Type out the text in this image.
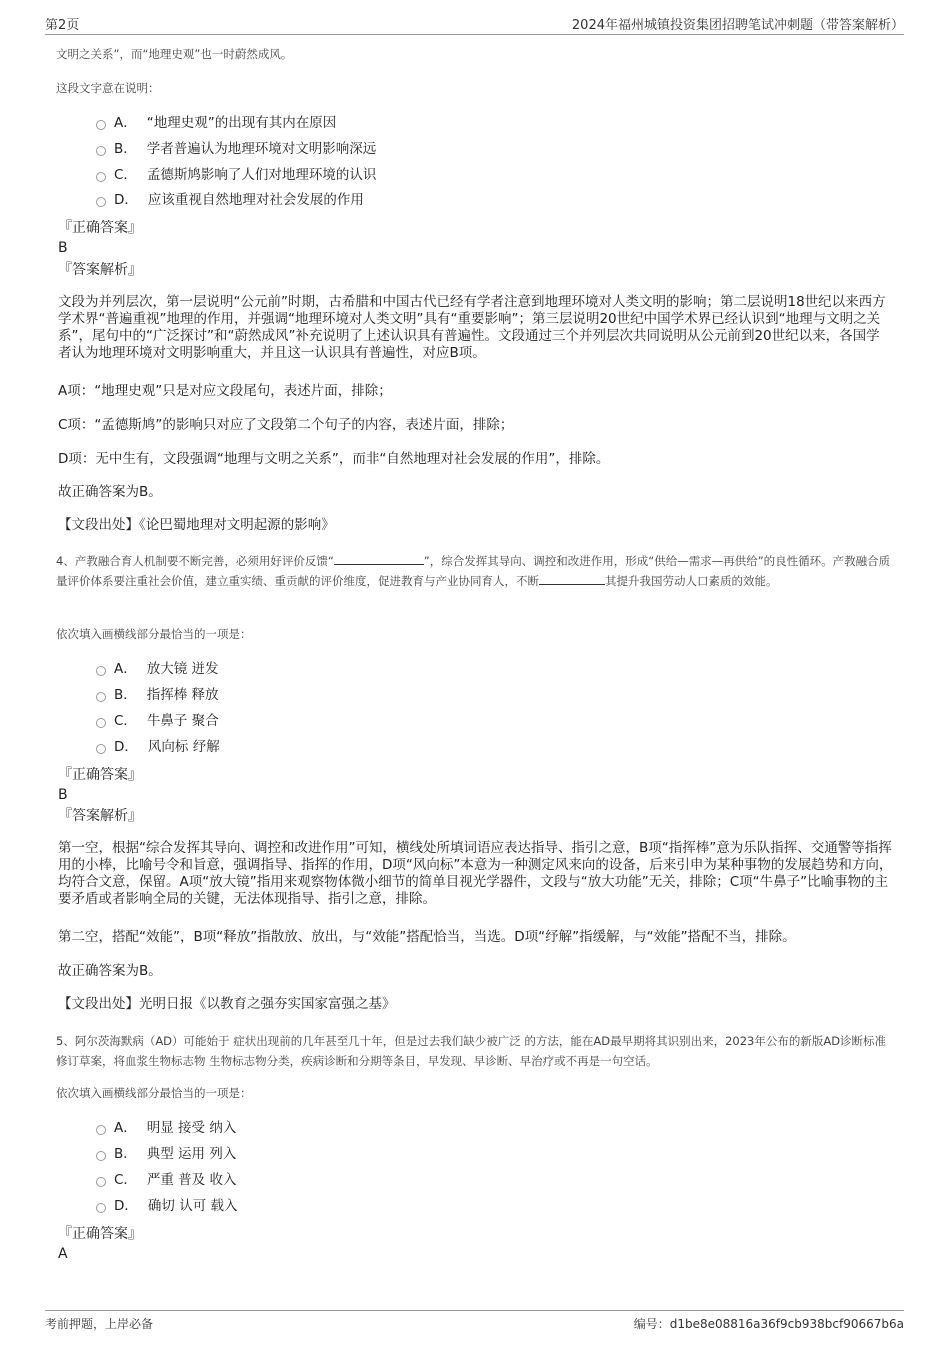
第2页	2024年福州城镇投资集团招聘笔试冲刺题（带答案解析）
文明之关系”，而“地理史观”也一时蔚然成风。
这段文字意在说明：
A． “地理史观”的出现有其内在原因
B． 学者普遍认为地理环境对文明影响深远
C． 孟德斯鸠影响了人们对地理环境的认识
D． 应该重视自然地理对社会发展的作用
『正确答案』
B
『答案解析』
文段为并列层次，第一层说明“公元前”时期，古希腊和中国古代已经有学者注意到地理环境对人类文明的影响；第二层说明18世纪以来西方学术界“普遍重视”地理的作用，并强调“地理环境对人类文明”具有“重要影响”；第三层说明20世纪中国学术界已经认识到“地理与文明之关系”，尾句中的“广泛探讨”和“蔚然成风”补充说明了上述认识具有普遍性。文段通过三个并列层次共同说明从公元前到20世纪以来，各国学者认为地理环境对文明影响重大，并且这一认识具有普遍性，对应B项。
A项：“地理史观”只是对应文段尾句，表述片面，排除；
C项：“孟德斯鸠”的影响只对应了文段第二个句子的内容，表述片面，排除；
D项：无中生有，文段强调“地理与文明之关系”，而非“自然地理对社会发展的作用”，排除。
故正确答案为B。
【文段出处】《论巴蜀地理对文明起源的影响》
4、产教融合育人机制要不断完善，必须用好评价反馈“	”，综合发挥其导向、调控和改进作用，形成“供给—需求—再供给”的良性循环。产教融合质量评价体系要注重社会价值，建立重实绩、重贡献的评价维度，促进教育与产业协同育人，不断	其提升我国劳动人口素质的效能。
依次填入画横线部分最恰当的一项是：
A． 放大镜 迸发
B． 指挥棒 释放
C． 牛鼻子 聚合
D． 风向标 纾解
『正确答案』
B
『答案解析』
第一空，根据“综合发挥其导向、调控和改进作用”可知，横线处所填词语应表达指导、指引之意，B项“指挥棒”意为乐队指挥、交通警等指挥用的小棒，比喻号令和旨意，强调指导、指挥的作用，D项“风向标”本意为一种测定风来向的设备，后来引申为某种事物的发展趋势和方向，均符合文意，保留。A项“放大镜”指用来观察物体微小细节的简单目视光学器件，文段与“放大功能”无关，排除；C项“牛鼻子”比喻事物的主要矛盾或者影响全局的关键，无法体现指导、指引之意，排除。
第二空，搭配“效能”，B项“释放”指散放、放出，与“效能”搭配恰当，当选。D项“纾解”指缓解，与“效能”搭配不当，排除。
故正确答案为B。
【文段出处】光明日报《以教育之强夯实国家富强之基》
5、阿尔茨海默病（AD）可能始于 症状出现前的几年甚至几十年，但是过去我们缺少被广泛 的方法，能在AD最早期将其识别出来，2023年公布的新版AD诊断标准修订草案，将血浆生物标志物 生物标志物分类，疾病诊断和分期等条目，早发现、早诊断、早治疗或不再是一句空话。
依次填入画横线部分最恰当的一项是：
A． 明显 接受 纳入
B． 典型 运用 列入
C． 严重 普及 收入
D． 确切 认可 载入
『正确答案』
A
考前押题，上岸必备	编号：d1be8e08816a36f9cb938bcf90667b6a
